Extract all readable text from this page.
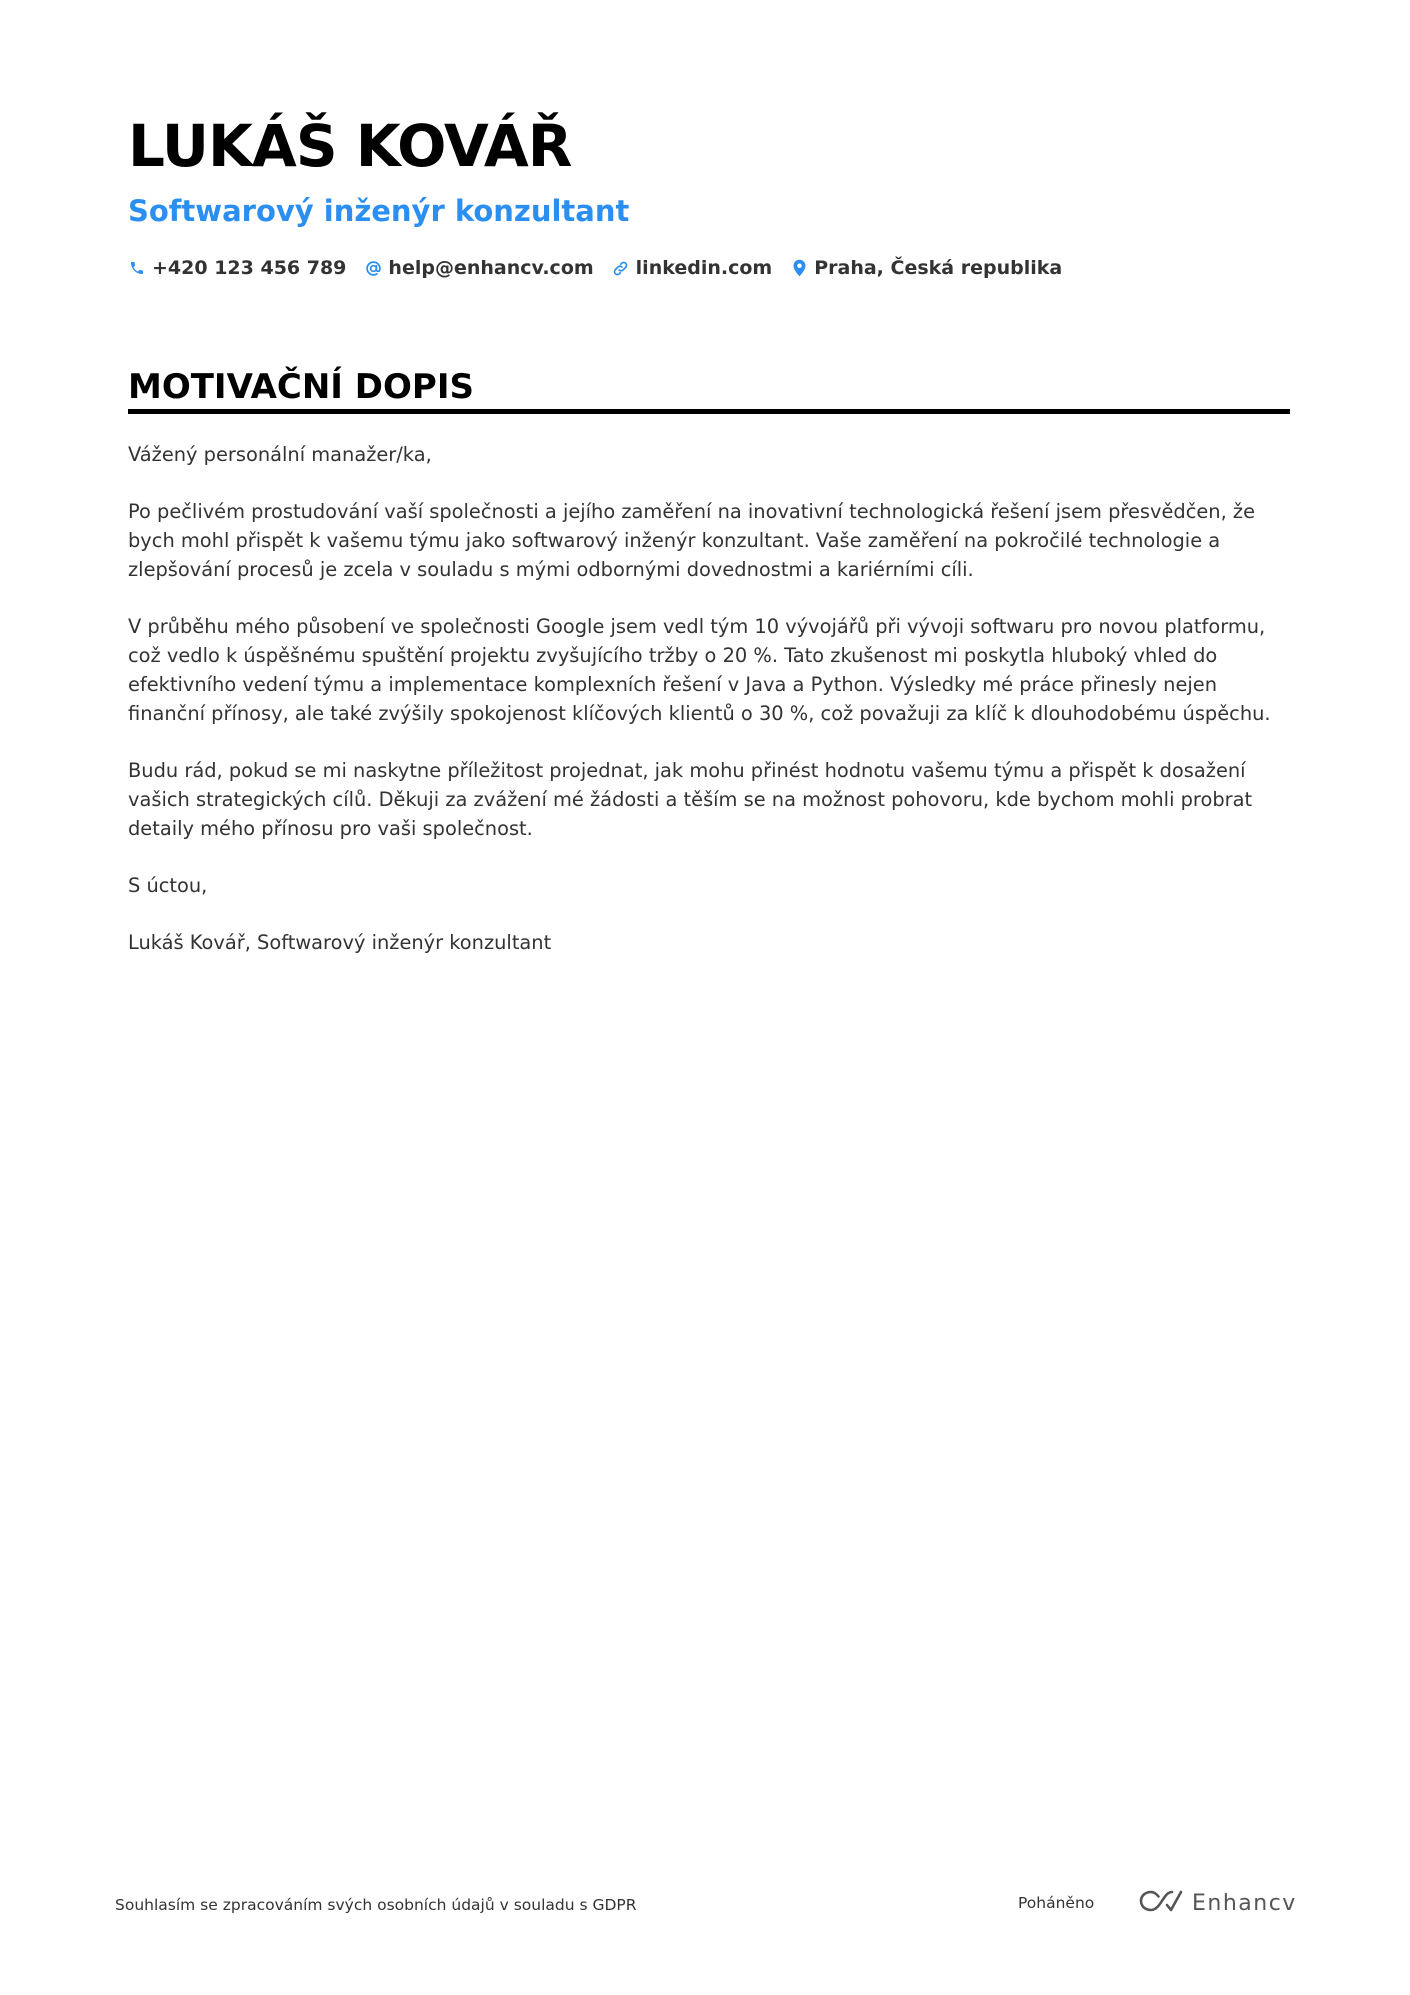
LUKÁŠ KOVÁŘ
Softwarový inženýr konzultant
+420 123 456 789 help@enhancv.com linkedin.com Praha, Česká republika
MOTIVAČNÍ DOPIS

Vážený personální manažer/ka,

Po pečlivém prostudování vaší společnosti a jejího zaměření na inovativní technologická řešení jsem přesvědčen, že bych mohl přispět k vašemu týmu jako softwarový inženýr konzultant. Vaše zaměření na pokročilé technologie a zlepšování procesů je zcela v souladu s mými odbornými dovednostmi a kariérními cíli.

V průběhu mého působení ve společnosti Google jsem vedl tým 10 vývojářů při vývoji softwaru pro novou platformu, což vedlo k úspěšnému spuštění projektu zvyšujícího tržby o 20 %. Tato zkušenost mi poskytla hluboký vhled do efektivního vedení týmu a implementace komplexních řešení v Java a Python. Výsledky mé práce přinesly nejen finanční přínosy, ale také zvýšily spokojenost klíčových klientů o 30 %, což považuji za klíč k dlouhodobému úspěchu.

Budu rád, pokud se mi naskytne příležitost projednat, jak mohu přinést hodnotu vašemu týmu a přispět k dosažení vašich strategických cílů. Děkuji za zvážení mé žádosti a těším se na možnost pohovoru, kde bychom mohli probrat detaily mého přínosu pro vaši společnost.

S úctou,

Lukáš Kovář, Softwarový inženýr konzultant

Souhlasím se zpracováním svých osobních údajů v souladu s GDPR	Poháněno	Enhancv
